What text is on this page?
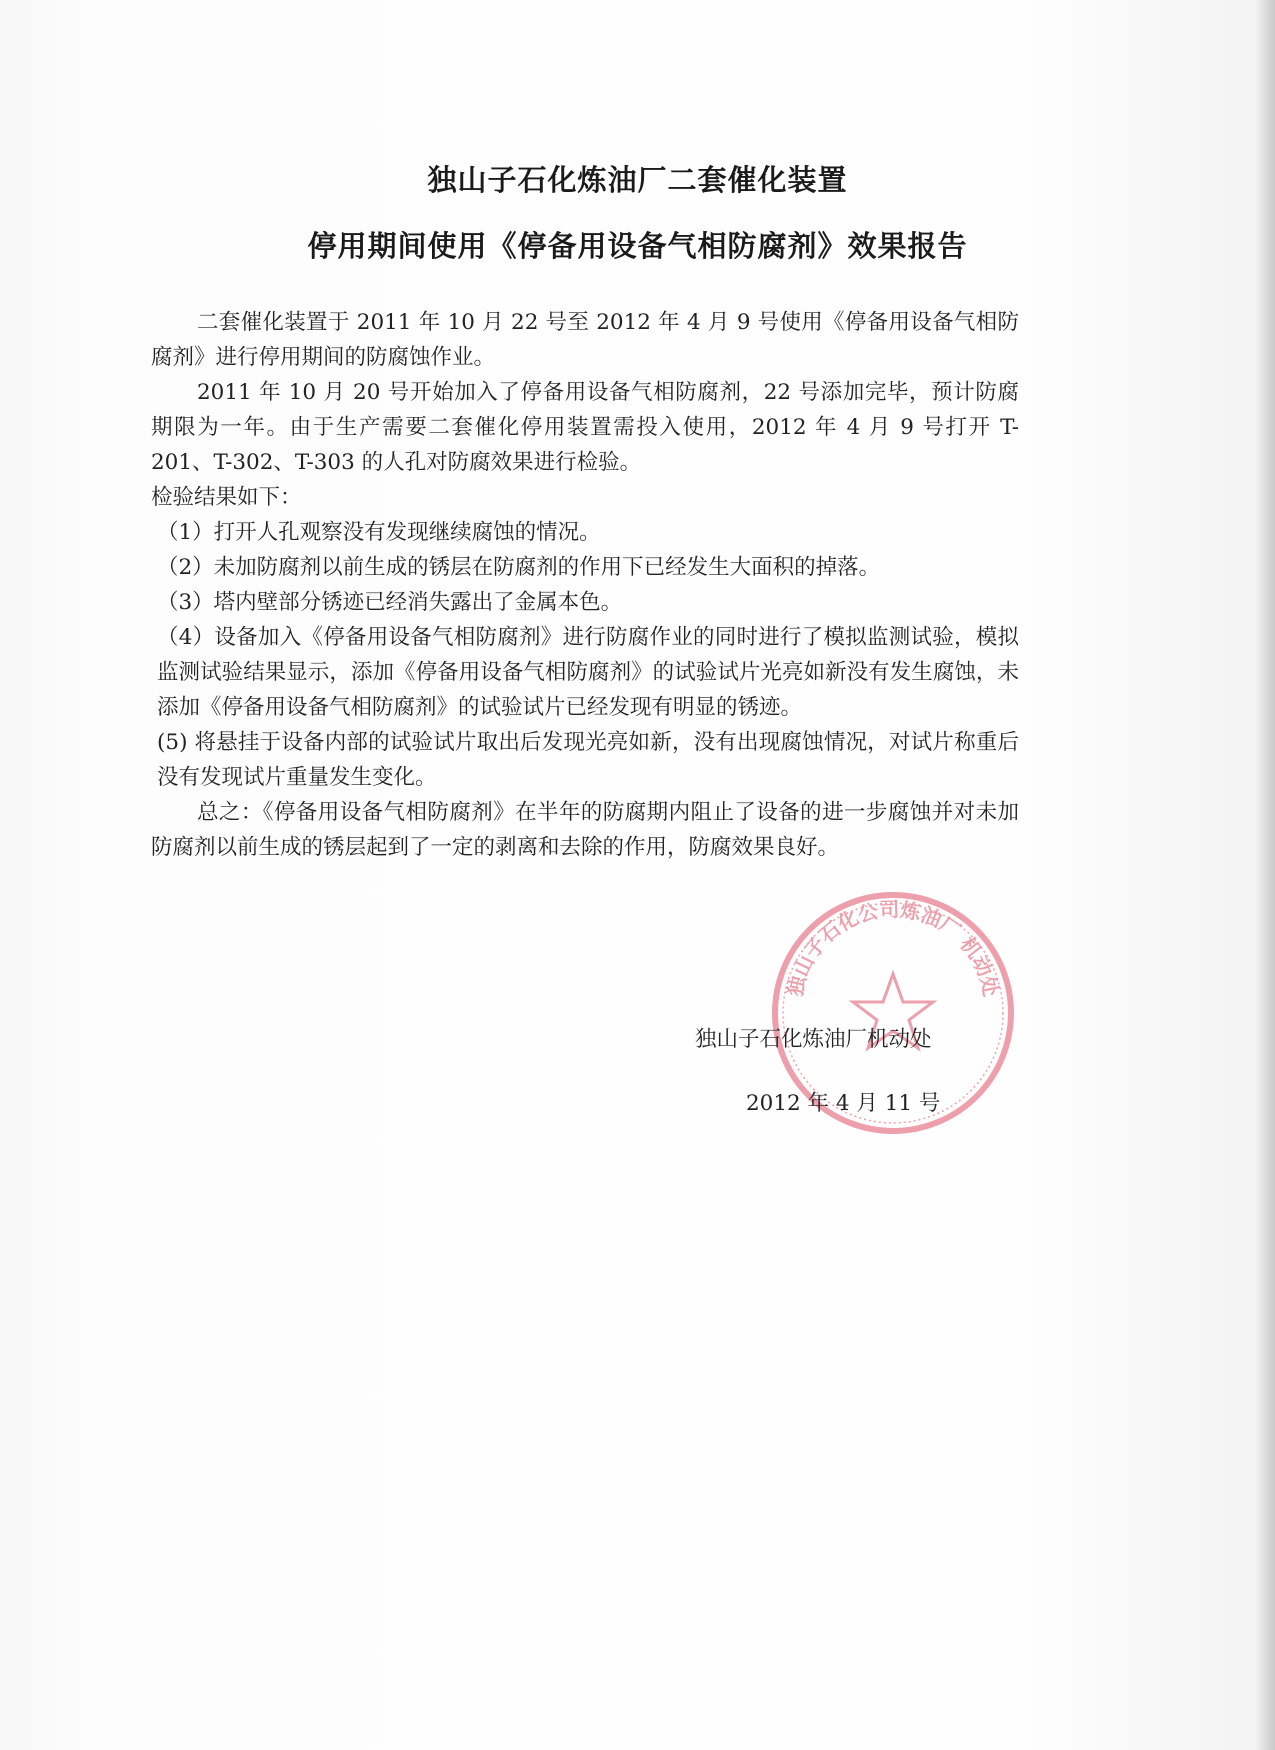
独山子石化炼油厂二套催化装置
停用期间使用《停备用设备气相防腐剂》效果报告

二套催化装置于 2011 年 10 月 22 号至 2012 年 4 月 9 号使用《停备用设备气相防腐剂》进行停用期间的防腐蚀作业。

2011 年 10 月 20 号开始加入了停备用设备气相防腐剂，22 号添加完毕，预计防腐期限为一年。由于生产需要二套催化停用装置需投入使用，2012 年 4 月 9 号打开 T-201、T-302、T-303 的人孔对防腐效果进行检验。

检验结果如下：

（1）打开人孔观察没有发现继续腐蚀的情况。

（2）未加防腐剂以前生成的锈层在防腐剂的作用下已经发生大面积的掉落。

（3）塔内壁部分锈迹已经消失露出了金属本色。

（4）设备加入《停备用设备气相防腐剂》进行防腐作业的同时进行了模拟监测试验，模拟监测试验结果显示，添加《停备用设备气相防腐剂》的试验试片光亮如新没有发生腐蚀，未添加《停备用设备气相防腐剂》的试验试片已经发现有明显的锈迹。

(5) 将悬挂于设备内部的试验试片取出后发现光亮如新，没有出现腐蚀情况，对试片称重后没有发现试片重量发生变化。

总之：《停备用设备气相防腐剂》在半年的防腐期内阻止了设备的进一步腐蚀并对未加防腐剂以前生成的锈层起到了一定的剥离和去除的作用，防腐效果良好。

独山子石化公司炼油厂 机动处
独山子石化炼油厂机动处
2012 年 4 月 11 号
